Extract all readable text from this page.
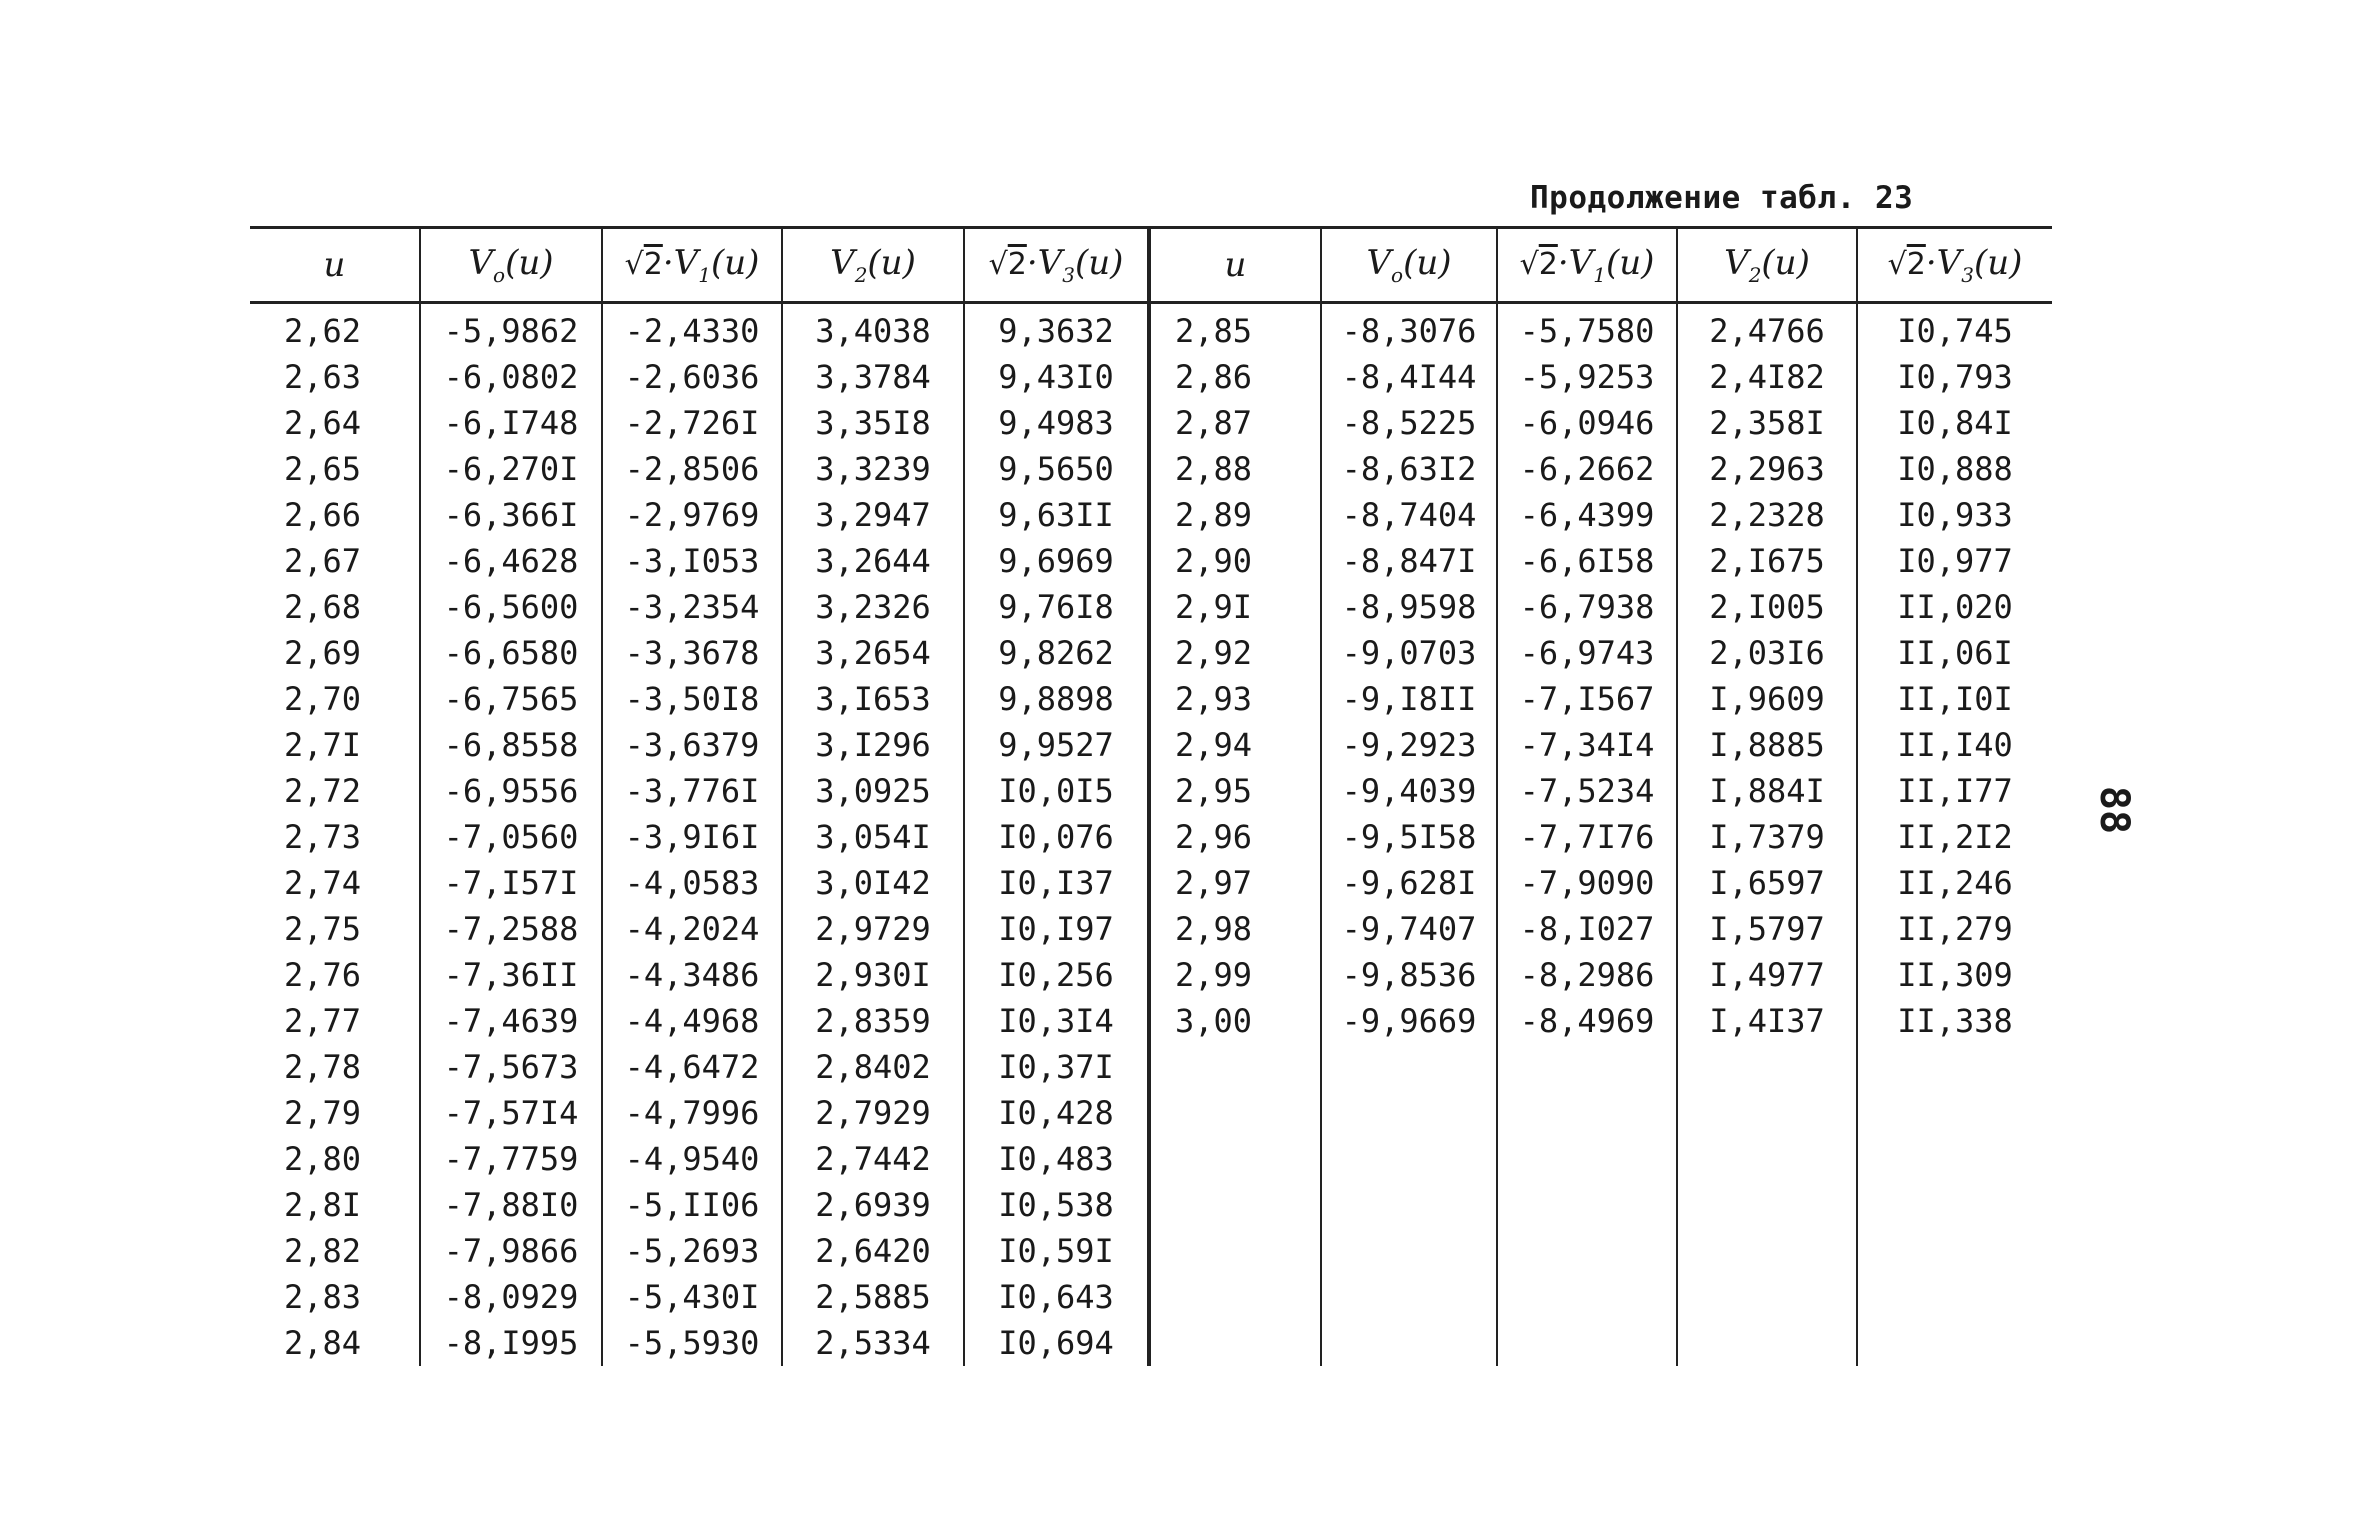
Продолжение табл. 23
88
u	$V_o(u)$	$√2\cdot V_1(u)$	$V_2(u)$	$√2\cdot V_3(u)$	u	$V_o(u)$	$√2\cdot V_1(u)$	$V_2(u)$	$√2\cdot V_3(u)$
2,62	-5,9862	-2,4330	3,4038	9,3632	2,85	-8,3076	-5,7580	2,4766	I0,745
2,63	-6,0802	-2,6036	3,3784	9,43I0	2,86	-8,4I44	-5,9253	2,4I82	I0,793
2,64	-6,I748	-2,726I	3,35I8	9,4983	2,87	-8,5225	-6,0946	2,358I	I0,84I
2,65	-6,270I	-2,8506	3,3239	9,5650	2,88	-8,63I2	-6,2662	2,2963	I0,888
2,66	-6,366I	-2,9769	3,2947	9,63II	2,89	-8,7404	-6,4399	2,2328	I0,933
2,67	-6,4628	-3,I053	3,2644	9,6969	2,90	-8,847I	-6,6I58	2,I675	I0,977
2,68	-6,5600	-3,2354	3,2326	9,76I8	2,9I	-8,9598	-6,7938	2,I005	II,020
2,69	-6,6580	-3,3678	3,2654	9,8262	2,92	-9,0703	-6,9743	2,03I6	II,06I
2,70	-6,7565	-3,50I8	3,I653	9,8898	2,93	-9,I8II	-7,I567	I,9609	II,I0I
2,7I	-6,8558	-3,6379	3,I296	9,9527	2,94	-9,2923	-7,34I4	I,8885	II,I40
2,72	-6,9556	-3,776I	3,0925	I0,0I5	2,95	-9,4039	-7,5234	I,884I	II,I77
2,73	-7,0560	-3,9I6I	3,054I	I0,076	2,96	-9,5I58	-7,7I76	I,7379	II,2I2
2,74	-7,I57I	-4,0583	3,0I42	I0,I37	2,97	-9,628I	-7,9090	I,6597	II,246
2,75	-7,2588	-4,2024	2,9729	I0,I97	2,98	-9,7407	-8,I027	I,5797	II,279
2,76	-7,36II	-4,3486	2,930I	I0,256	2,99	-9,8536	-8,2986	I,4977	II,309
2,77	-7,4639	-4,4968	2,8359	I0,3I4	3,00	-9,9669	-8,4969	I,4I37	II,338
2,78	-7,5673	-4,6472	2,8402	I0,37I					
2,79	-7,57I4	-4,7996	2,7929	I0,428					
2,80	-7,7759	-4,9540	2,7442	I0,483					
2,8I	-7,88I0	-5,II06	2,6939	I0,538					
2,82	-7,9866	-5,2693	2,6420	I0,59I					
2,83	-8,0929	-5,430I	2,5885	I0,643					
2,84	-8,I995	-5,5930	2,5334	I0,694					
